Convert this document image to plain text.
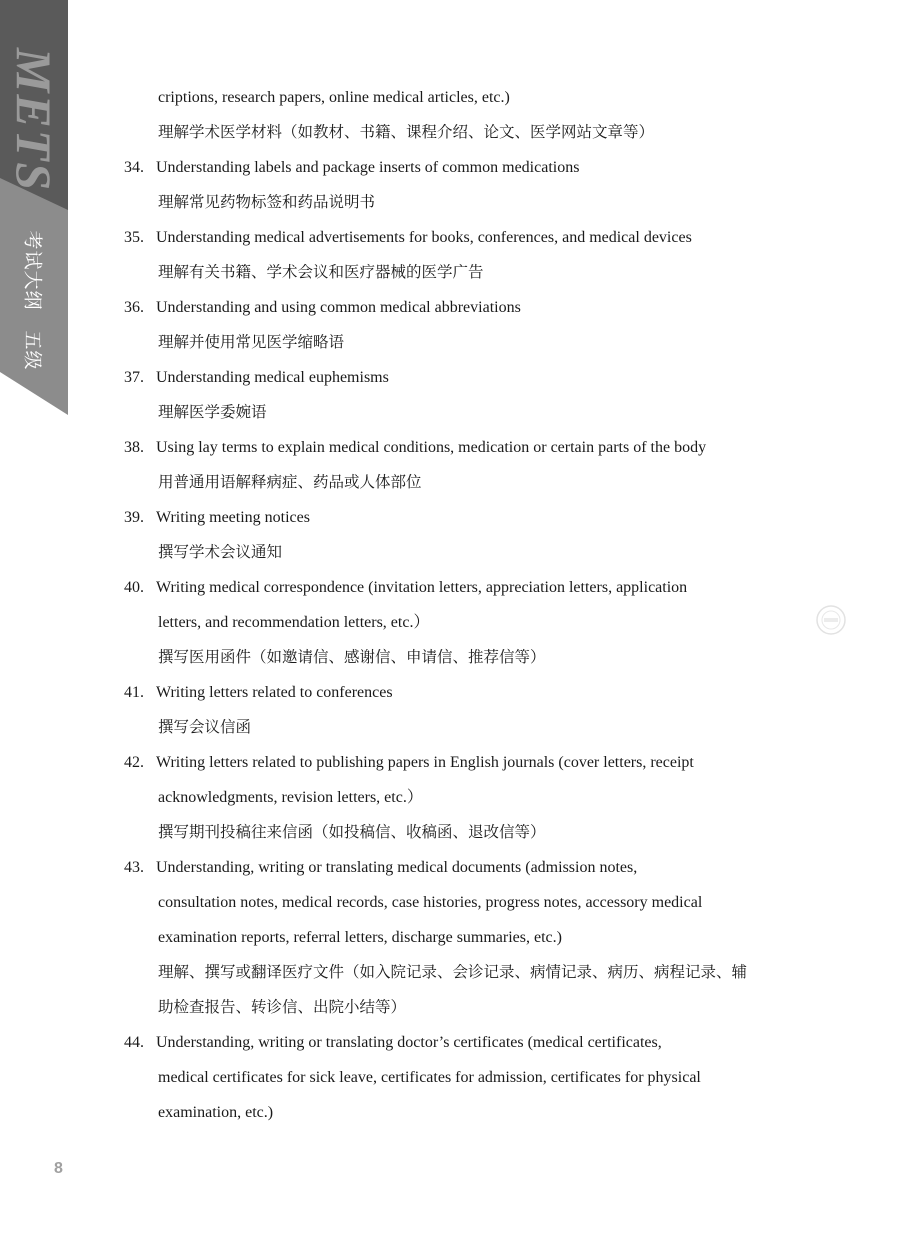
METS
考试大纲　五级
criptions, research papers, online medical articles, etc.)
理解学术医学材料（如教材、书籍、课程介绍、论文、医学网站文章等）
34. Understanding labels and package inserts of common medications
理解常见药物标签和药品说明书
35. Understanding medical advertisements for books, conferences, and medical devices
理解有关书籍、学术会议和医疗器械的医学广告
36. Understanding and using common medical abbreviations
理解并使用常见医学缩略语
37. Understanding medical euphemisms
理解医学委婉语
38. Using lay terms to explain medical conditions, medication or certain parts of the body
用普通用语解释病症、药品或人体部位
39. Writing meeting notices
撰写学术会议通知
40. Writing medical correspondence (invitation letters, appreciation letters, application
letters, and recommendation letters, etc.）
撰写医用函件（如邀请信、感谢信、申请信、推荐信等）
41. Writing letters related to conferences
撰写会议信函
42. Writing letters related to publishing papers in English journals (cover letters, receipt
acknowledgments, revision letters, etc.）
撰写期刊投稿往来信函（如投稿信、收稿函、退改信等）
43. Understanding, writing or translating medical documents (admission notes,
consultation notes, medical records, case histories, progress notes, accessory medical
examination reports, referral letters, discharge summaries, etc.)
理解、撰写或翻译医疗文件（如入院记录、会诊记录、病情记录、病历、病程记录、辅
助检查报告、转诊信、出院小结等）
44. Understanding, writing or translating doctor’s certificates (medical certificates,
medical certificates for sick leave, certificates for admission, certificates for physical
examination, etc.)
8
